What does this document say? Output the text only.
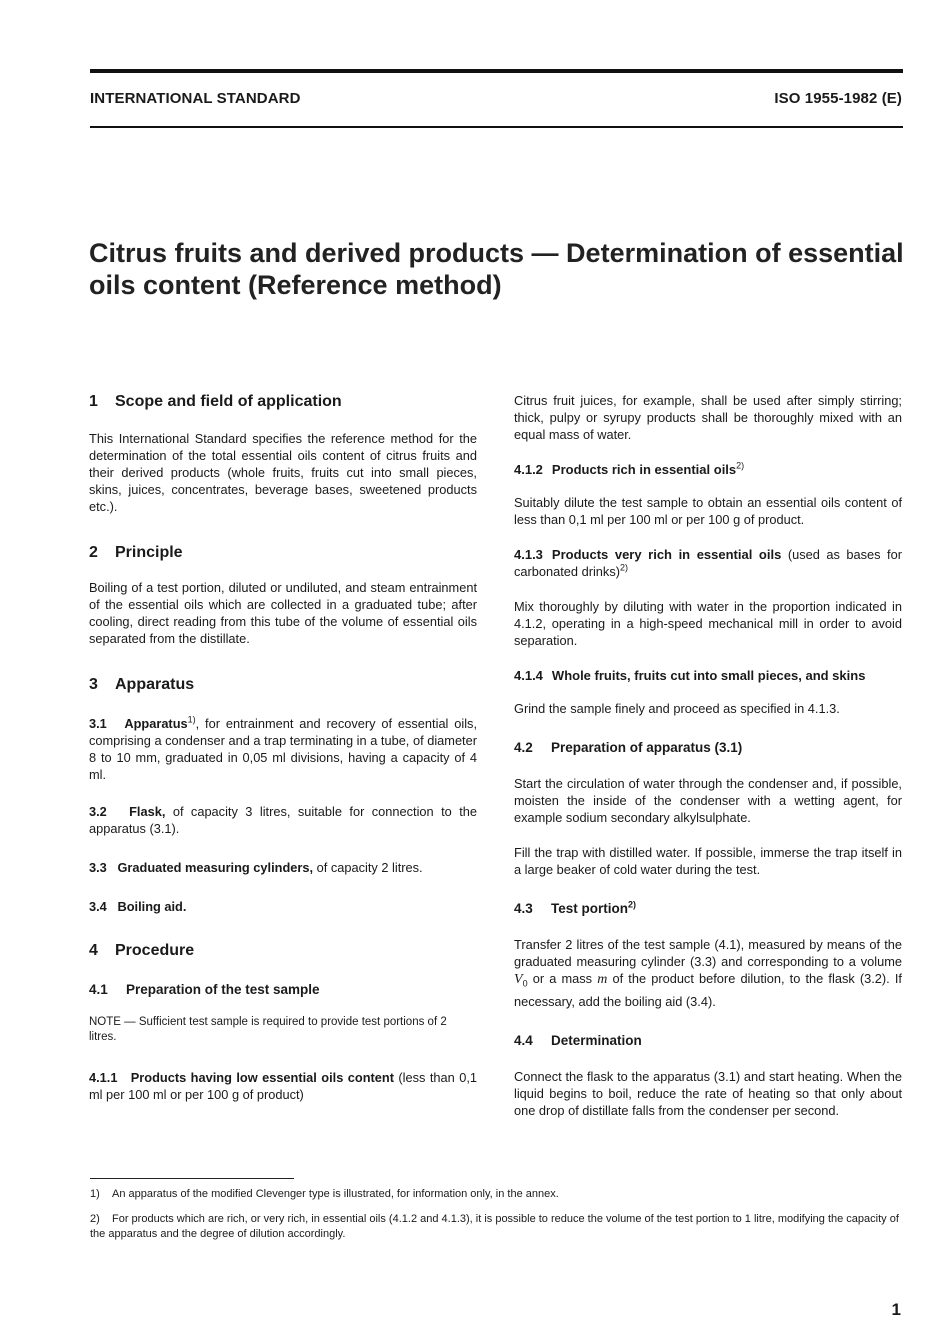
INTERNATIONAL STANDARD	ISO 1955-1982 (E)
Citrus fruits and derived products — Determination of essential oils content (Reference method)
1 Scope and field of application

This International Standard specifies the reference method for the determination of the total essential oils content of citrus fruits and their derived products (whole fruits, fruits cut into small pieces, skins, juices, concentrates, beverage bases, sweetened products etc.).

2 Principle

Boiling of a test portion, diluted or undiluted, and steam entrainment of the essential oils which are collected in a graduated tube; after cooling, direct reading from this tube of the volume of essential oils separated from the distillate.

3 Apparatus

3.1 Apparatus$^{1)}$, for entrainment and recovery of essential oils, comprising a condenser and a trap terminating in a tube, of diameter 8 to 10 mm, graduated in 0,05 ml divisions, having a capacity of 4 ml.

3.2 Flask, of capacity 3 litres, suitable for connection to the apparatus (3.1).

3.3 Graduated measuring cylinders, of capacity 2 litres.

3.4 Boiling aid.

4 Procedure
4.1 Preparation of the test sample

NOTE — Sufficient test sample is required to provide test portions of 2 litres.

4.1.1 Products having low essential oils content (less than 0,1 ml per 100 ml or per 100 g of product)

Citrus fruit juices, for example, shall be used after simply stirring; thick, pulpy or syrupy products shall be thoroughly mixed with an equal mass of water.

4.1.2 Products rich in essential oils$^{2)}$

Suitably dilute the test sample to obtain an essential oils content of less than 0,1 ml per 100 ml or per 100 g of product.

4.1.3 Products very rich in essential oils (used as bases for carbonated drinks)$^{2)}$

Mix thoroughly by diluting with water in the proportion indicated in 4.1.2, operating in a high-speed mechanical mill in order to avoid separation.

4.1.4 Whole fruits, fruits cut into small pieces, and skins

Grind the sample finely and proceed as specified in 4.1.3.

4.2 Preparation of apparatus (3.1)

Start the circulation of water through the condenser and, if possible, moisten the inside of the condenser with a wetting agent, for example sodium secondary alkylsulphate.

Fill the trap with distilled water. If possible, immerse the trap itself in a large beaker of cold water during the test.

4.3 Test portion$^{2)}$

Transfer 2 litres of the test sample (4.1), measured by means of the graduated measuring cylinder (3.3) and corresponding to a volume $V_0$ or a mass m of the product before dilution, to the flask (3.2). If necessary, add the boiling aid (3.4).

4.4 Determination

Connect the flask to the apparatus (3.1) and start heating. When the liquid begins to boil, reduce the rate of heating so that only about one drop of distillate falls from the condenser per second.

1) An apparatus of the modified Clevenger type is illustrated, for information only, in the annex.
2) For products which are rich, or very rich, in essential oils (4.1.2 and 4.1.3), it is possible to reduce the volume of the test portion to 1 litre, modifying the capacity of the apparatus and the degree of dilution accordingly.
1
